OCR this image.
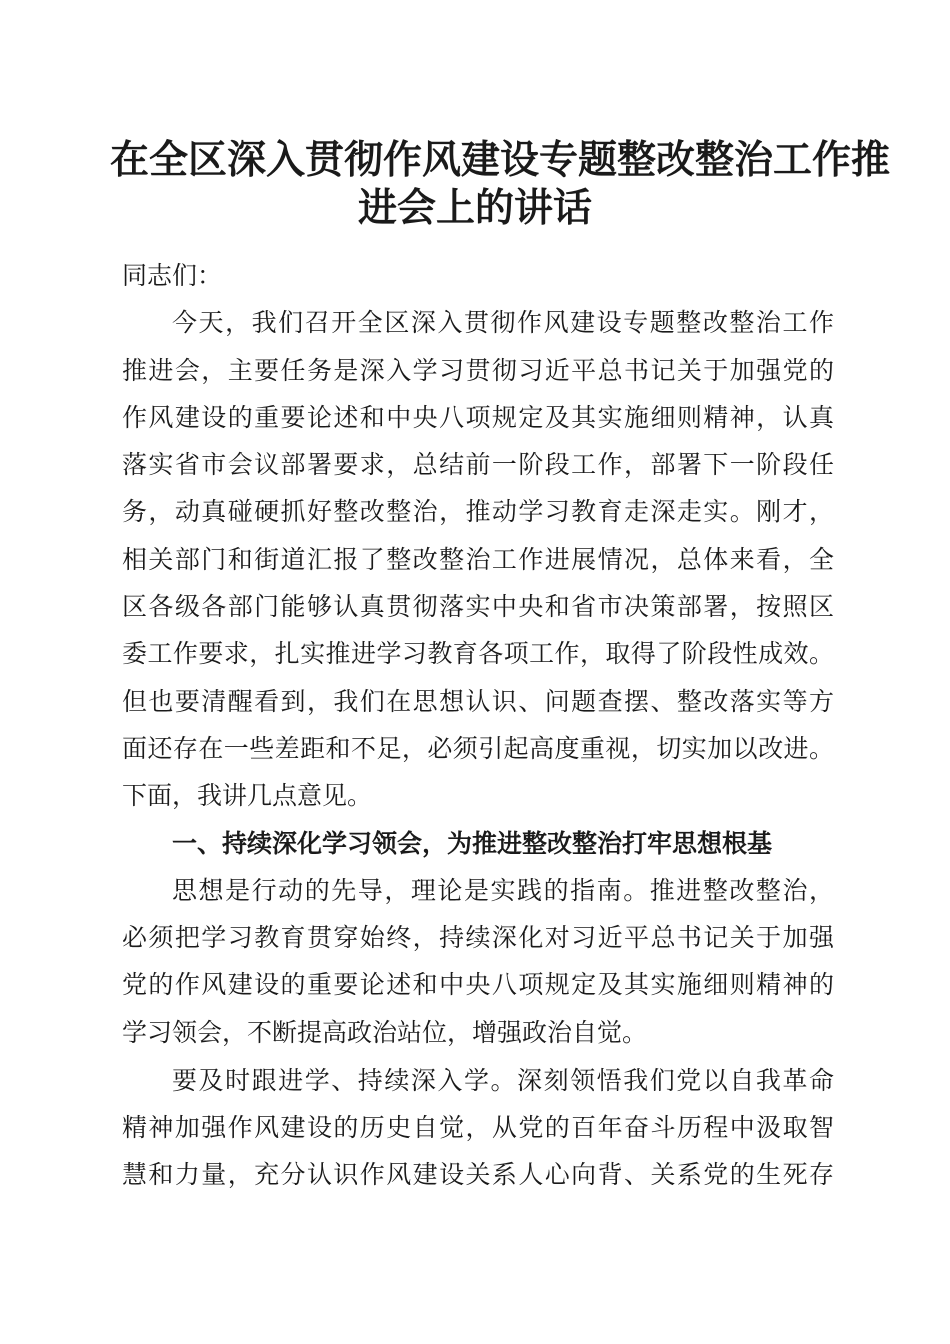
在全区深入贯彻作风建设专题整改整治工作推
进会上的讲话
同志们：
今天，我们召开全区深入贯彻作风建设专题整改整治工作
推进会，主要任务是深入学习贯彻习近平总书记关于加强党的
作风建设的重要论述和中央八项规定及其实施细则精神，认真
落实省市会议部署要求，总结前一阶段工作，部署下一阶段任
务，动真碰硬抓好整改整治，推动学习教育走深走实。刚才，
相关部门和街道汇报了整改整治工作进展情况，总体来看，全
区各级各部门能够认真贯彻落实中央和省市决策部署，按照区
委工作要求，扎实推进学习教育各项工作，取得了阶段性成效。
但也要清醒看到，我们在思想认识、问题查摆、整改落实等方
面还存在一些差距和不足，必须引起高度重视，切实加以改进。
下面，我讲几点意见。
一、持续深化学习领会，为推进整改整治打牢思想根基
思想是行动的先导，理论是实践的指南。推进整改整治，
必须把学习教育贯穿始终，持续深化对习近平总书记关于加强
党的作风建设的重要论述和中央八项规定及其实施细则精神的
学习领会，不断提高政治站位，增强政治自觉。
要及时跟进学、持续深入学。深刻领悟我们党以自我革命
精神加强作风建设的历史自觉，从党的百年奋斗历程中汲取智
慧和力量，充分认识作风建设关系人心向背、关系党的生死存
